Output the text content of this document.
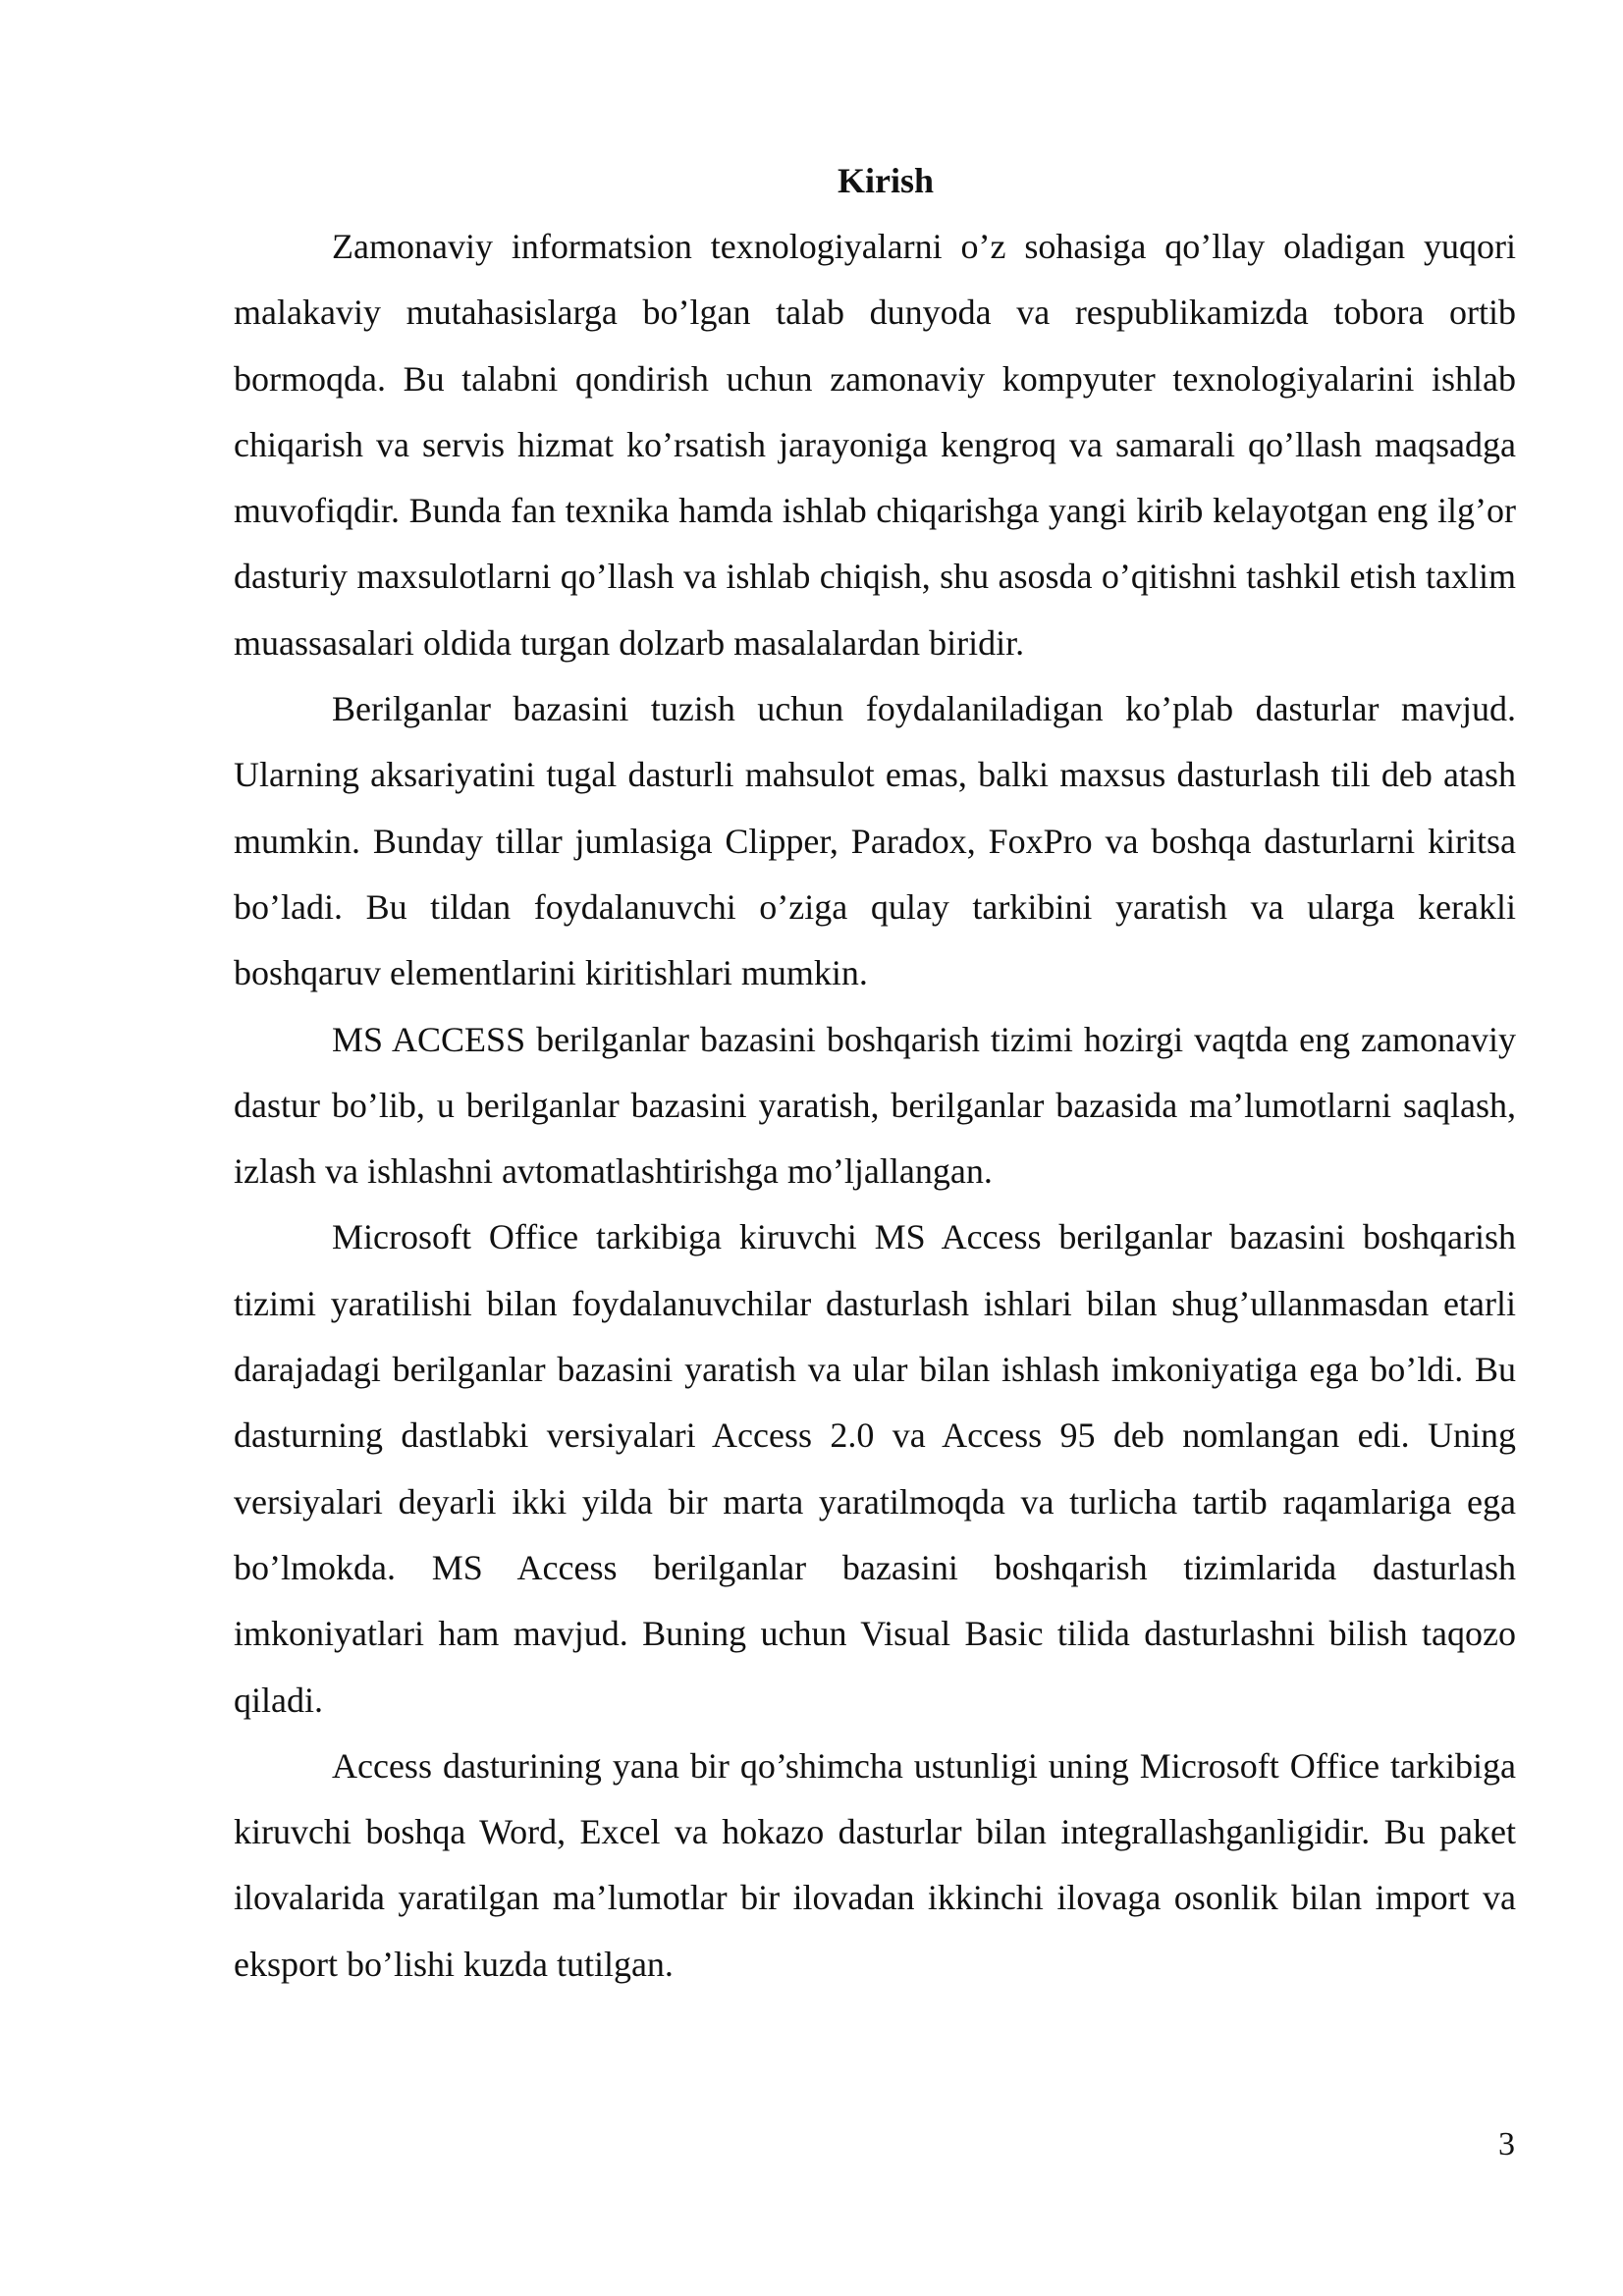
Kirish

Zamonaviy informatsion texnologiyalarni o’z sohasiga qo’llay oladigan yuqori malakaviy mutahasislarga bo’lgan talab dunyoda va respublikamizda tobora ortib bormoqda. Bu talabni qondirish uchun zamonaviy kompyuter texnologiyalarini ishlab chiqarish va servis hizmat ko’rsatish jarayoniga kengroq va samarali qo’llash maqsadga muvofiqdir. Bunda fan texnika hamda ishlab chiqarishga yangi kirib kelayotgan eng ilg’or dasturiy maxsulotlarni qo’llash va ishlab chiqish, shu asosda o’qitishni tashkil etish taxlim muassasalari oldida turgan dolzarb masalalardan biridir.

Berilganlar bazasini tuzish uchun foydalaniladigan ko’plab dasturlar mavjud. Ularning aksariyatini tugal dasturli mahsulot emas, balki maxsus dasturlash tili deb atash mumkin. Bunday tillar jumlasiga Clipper, Paradox, FoxPro va boshqa dasturlarni kiritsa bo’ladi. Bu tildan foydalanuvchi o’ziga qulay tarkibini yaratish va ularga kerakli boshqaruv elementlarini kiritishlari mumkin.

MS ACCESS berilganlar bazasini boshqarish tizimi hozirgi vaqtda eng zamonaviy dastur bo’lib, u berilganlar bazasini yaratish, berilganlar bazasida ma’lumotlarni saqlash, izlash va ishlashni avtomatlashtirishga mo’ljallangan.

Microsoft Office tarkibiga kiruvchi MS Access berilganlar bazasini boshqarish tizimi yaratilishi bilan foydalanuvchilar dasturlash ishlari bilan shug’ullanmasdan etarli darajadagi berilganlar bazasini yaratish va ular bilan ishlash imkoniyatiga ega bo’ldi. Bu dasturning dastlabki versiyalari Access 2.0 va Access 95 deb nomlangan edi. Uning versiyalari deyarli ikki yilda bir marta yaratilmoqda va turlicha tartib raqamlariga ega bo’lmokda. MS Access berilganlar bazasini boshqarish tizimlarida dasturlash imkoniyatlari ham mavjud. Buning uchun Visual Basic tilida dasturlashni bilish taqozo qiladi.

Access dasturining yana bir qo’shimcha ustunligi uning Microsoft Office tarkibiga kiruvchi boshqa Word, Excel va hokazo dasturlar bilan integrallashganligidir. Bu paket ilovalarida yaratilgan ma’lumotlar bir ilovadan ikkinchi ilovaga osonlik bilan import va eksport bo’lishi kuzda tutilgan.

3
